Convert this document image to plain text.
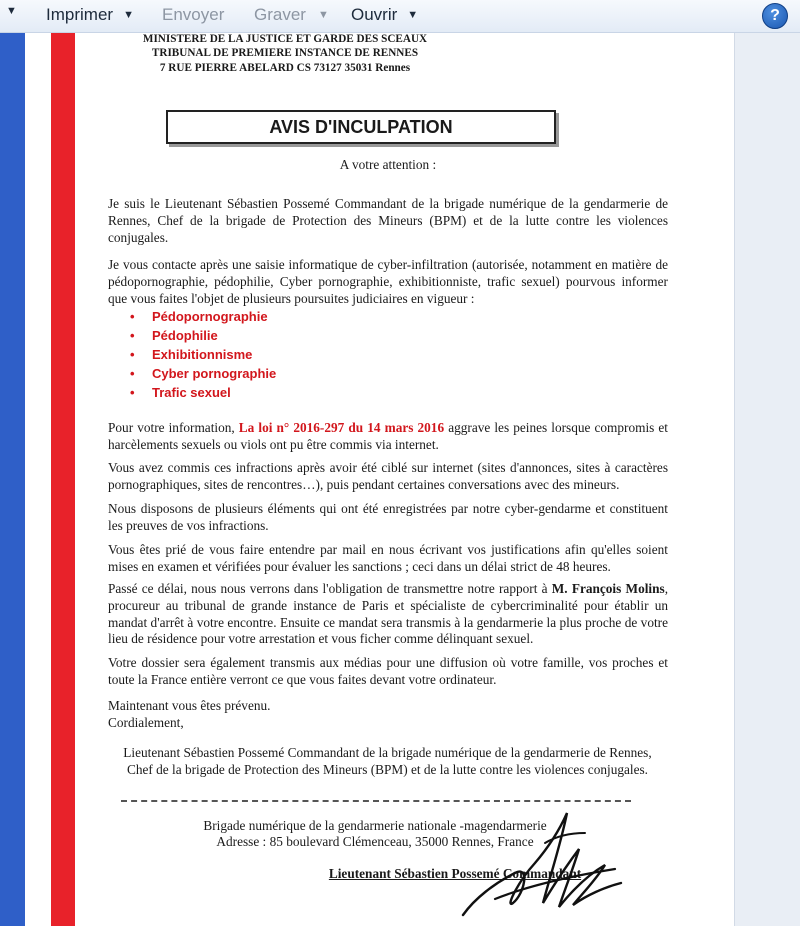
▼ Imprimer ▼ Envoyer Graver ▼ Ouvrir ▼	?
MINISTERE DE LA JUSTICE ET GARDE DES SCEAUX
TRIBUNAL DE PREMIERE INSTANCE DE RENNES
7 RUE PIERRE ABELARD CS 73127 35031 Rennes
AVIS D'INCULPATION
A votre attention :
Je suis le Lieutenant Sébastien Possemé Commandant de la brigade numérique de la gendarmerie de Rennes, Chef de la brigade de Protection des Mineurs (BPM) et de la lutte contre les violences conjugales.
Je vous contacte après une saisie informatique de cyber-infiltration (autorisée, notamment en matière de pédopornographie, pédophilie, Cyber pornographie, exhibitionniste, trafic sexuel) pourvous informer que vous faites l'objet de plusieurs poursuites judiciaires en vigueur :
• Pédopornographie
• Pédophilie
• Exhibitionnisme
• Cyber pornographie
• Trafic sexuel
Pour votre information, La loi n° 2016-297 du 14 mars 2016 aggrave les peines lorsque compromis et harcèlements sexuels ou viols ont pu être commis via internet.
Vous avez commis ces infractions après avoir été ciblé sur internet (sites d'annonces, sites à caractères pornographiques, sites de rencontres…), puis pendant certaines conversations avec des mineurs.
Nous disposons de plusieurs éléments qui ont été enregistrées par notre cyber-gendarme et constituent les preuves de vos infractions.
Vous êtes prié de vous faire entendre par mail en nous écrivant vos justifications afin qu'elles soient mises en examen et vérifiées pour évaluer les sanctions ; ceci dans un délai strict de 48 heures.
Passé ce délai, nous nous verrons dans l'obligation de transmettre notre rapport à M. François Molins, procureur au tribunal de grande instance de Paris et spécialiste de cybercriminalité pour établir un mandat d'arrêt à votre encontre. Ensuite ce mandat sera transmis à la gendarmerie la plus proche de votre lieu de résidence pour votre arrestation et vous ficher comme délinquant sexuel.
Votre dossier sera également transmis aux médias pour une diffusion où votre famille, vos proches et toute la France entière verront ce que vous faites devant votre ordinateur.
Maintenant vous êtes prévenu.
Cordialement,
Lieutenant Sébastien Possemé Commandant de la brigade numérique de la gendarmerie de Rennes, Chef de la brigade de Protection des Mineurs (BPM) et de la lutte contre les violences conjugales.
Brigade numérique de la gendarmerie nationale -magendarmerie
Adresse : 85 boulevard Clémenceau, 35000 Rennes, France
Lieutenant Sébastien Possemé Commandant
